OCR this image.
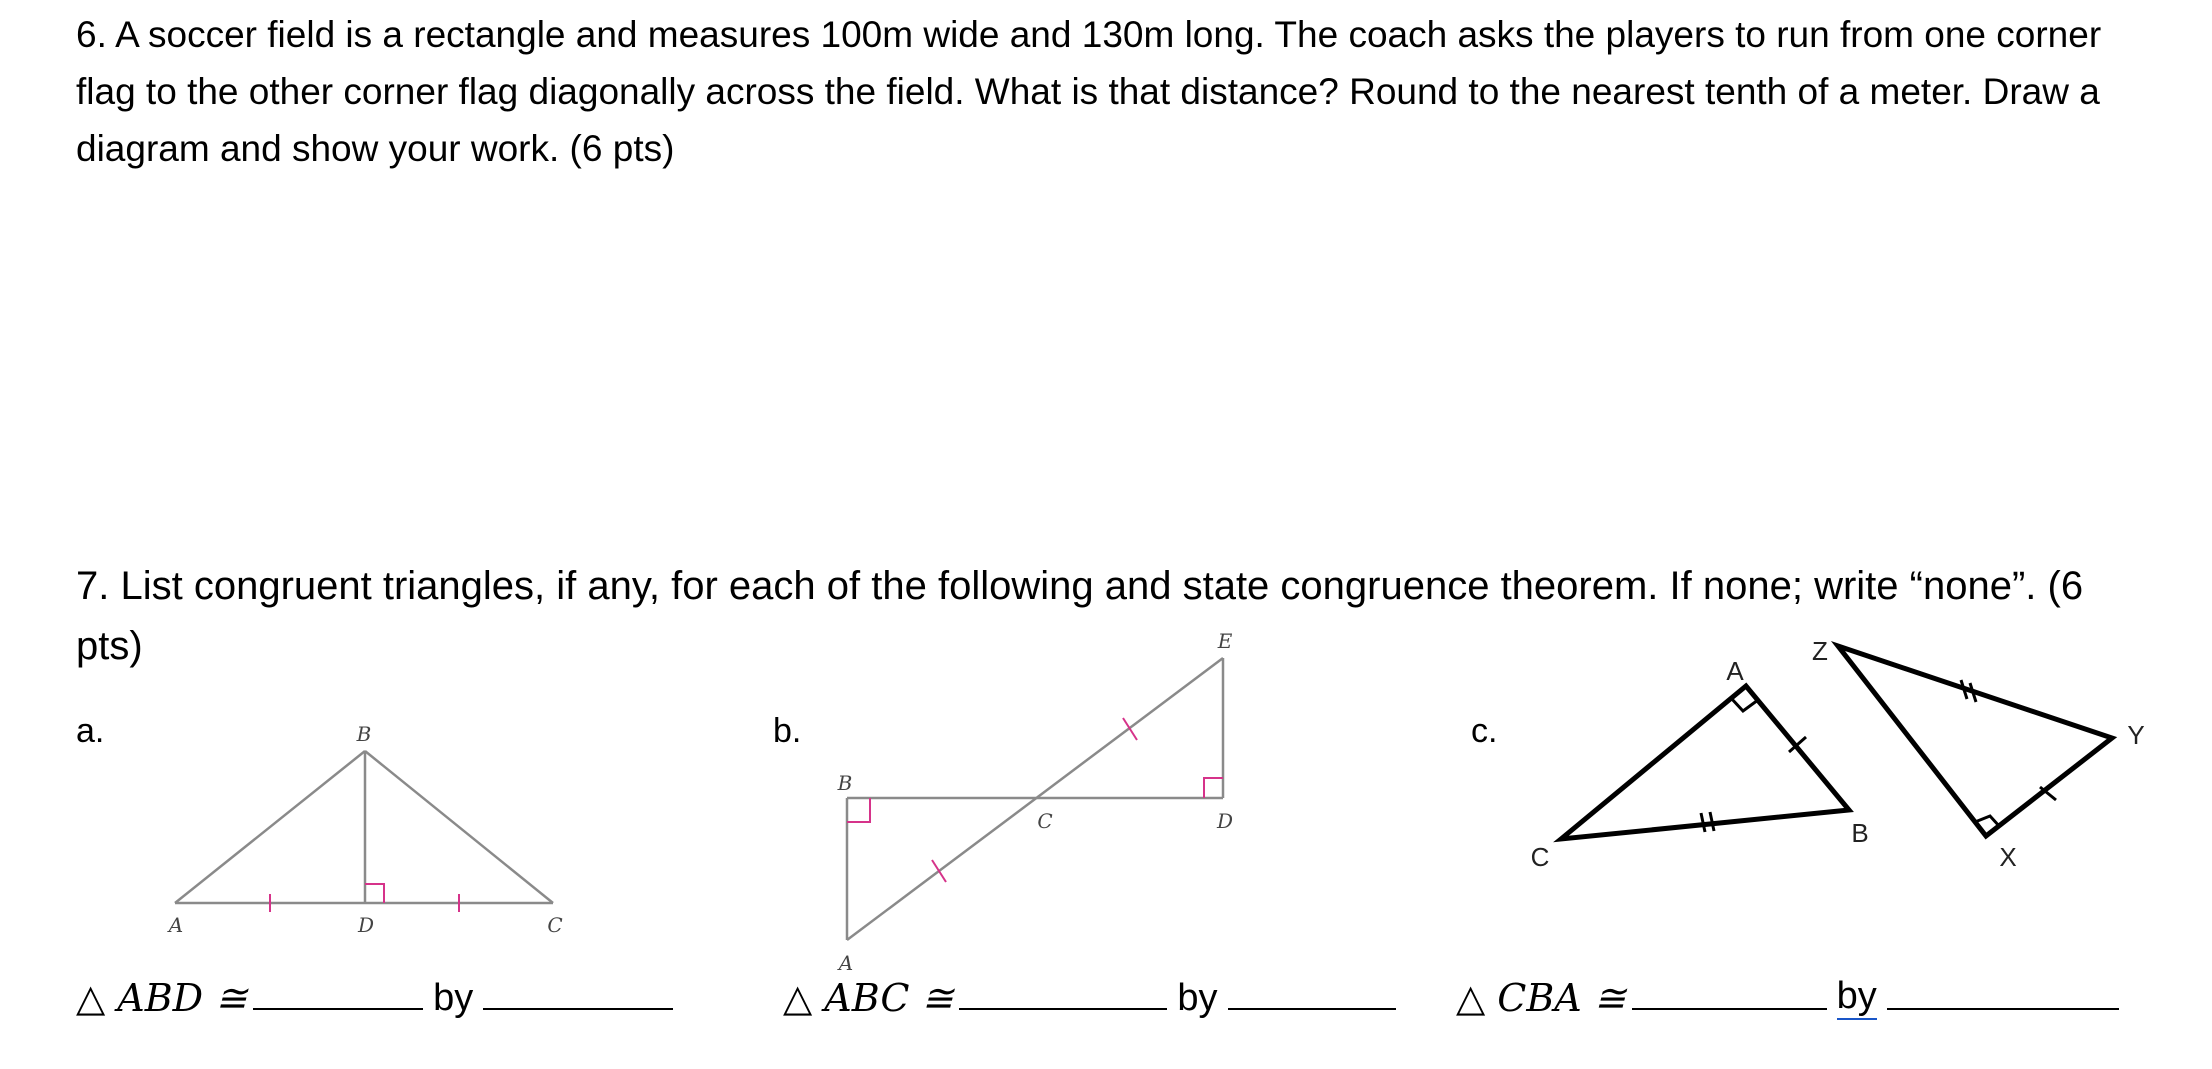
6. A soccer field is a rectangle and measures 100m wide and 130m long. The coach asks the players to run from one corner flag to the other corner flag diagonally across the field. What is that distance? Round to the nearest tenth of a meter. Draw a diagram and show your work. (6 pts)
7. List congruent triangles, if any, for each of the following and state congruence theorem. If none; write “none”. (6 pts)
a.	b.	c.
B
A	D	C
B
C	D
E
A
A
C
B
Z
Y
X
△ ABD ≅	by	△ ABC ≅	by	△ CBA ≅	by
